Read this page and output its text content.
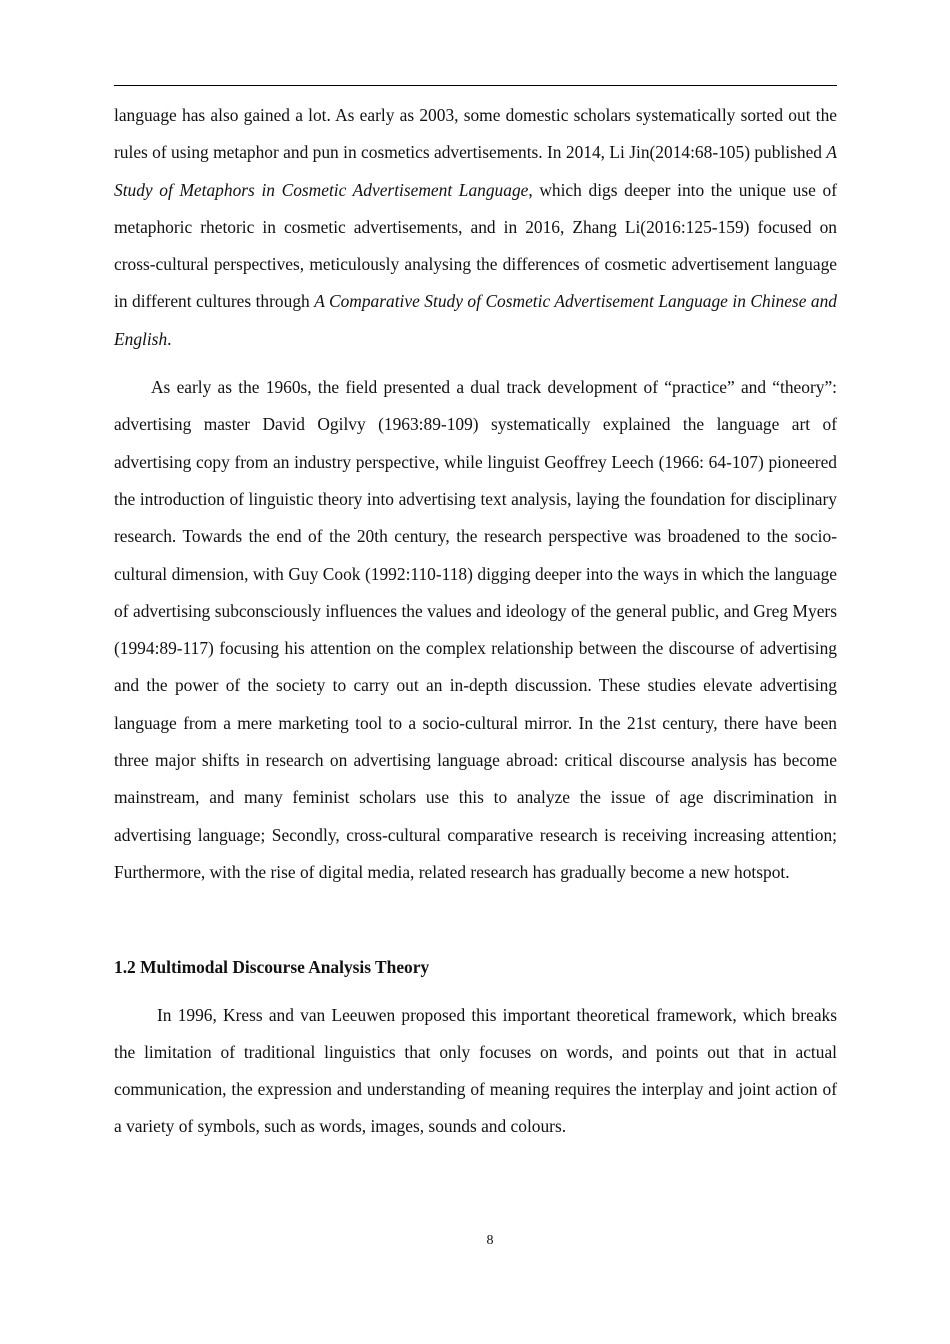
language has also gained a lot. As early as 2003, some domestic scholars systematically sorted out the rules of using metaphor and pun in cosmetics advertisements. In 2014, Li Jin(2014:68-105) published A Study of Metaphors in Cosmetic Advertisement Language, which digs deeper into the unique use of metaphoric rhetoric in cosmetic advertisements, and in 2016, Zhang Li(2016:125-159) focused on cross-cultural perspectives, meticulously analysing the differences of cosmetic advertisement language in different cultures through A Comparative Study of Cosmetic Advertisement Language in Chinese and English.

As early as the 1960s, the field presented a dual track development of “practice” and “theory”: advertising master David Ogilvy (1963:89-109) systematically explained the language art of advertising copy from an industry perspective, while linguist Geoffrey Leech (1966: 64-107) pioneered the introduction of linguistic theory into advertising text analysis, laying the foundation for disciplinary research. Towards the end of the 20th century, the research perspective was broadened to the socio-cultural dimension, with Guy Cook (1992:110-118) digging deeper into the ways in which the language of advertising subconsciously influences the values and ideology of the general public, and Greg Myers (1994:89-117) focusing his attention on the complex relationship between the discourse of advertising and the power of the society to carry out an in-depth discussion. These studies elevate advertising language from a mere marketing tool to a socio-cultural mirror. In the 21st century, there have been three major shifts in research on advertising language abroad: critical discourse analysis has become mainstream, and many feminist scholars use this to analyze the issue of age discrimination in advertising language; Secondly, cross-cultural comparative research is receiving increasing attention; Furthermore, with the rise of digital media, related research has gradually become a new hotspot.

1.2 Multimodal Discourse Analysis Theory

In 1996, Kress and van Leeuwen proposed this important theoretical framework, which breaks the limitation of traditional linguistics that only focuses on words, and points out that in actual communication, the expression and understanding of meaning requires the interplay and joint action of a variety of symbols, such as words, images, sounds and colours.

8
